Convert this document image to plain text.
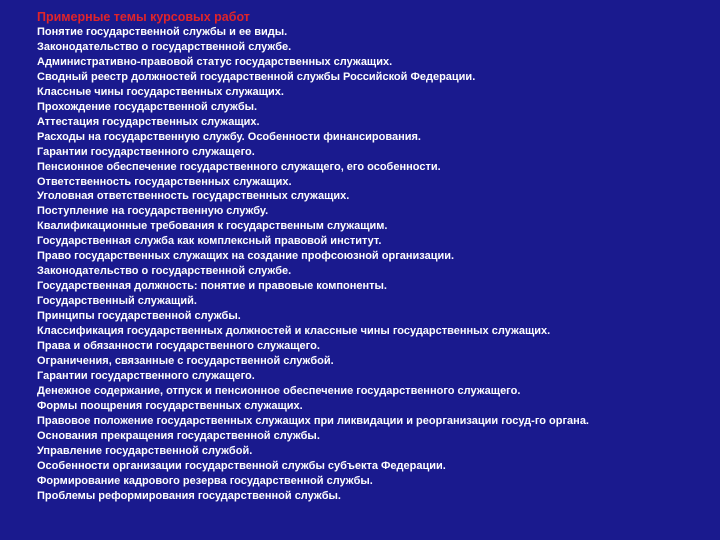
Примерные темы курсовых работ
Понятие государственной службы и ее виды.
Законодательство о государственной службе.
Административно-правовой статус государственных служащих.
Сводный реестр должностей государственной службы Российской Федерации.
Классные чины государственных служащих.
Прохождение государственной службы.
Аттестация государственных служащих.
Расходы на государственную службу. Особенности финансирования.
Гарантии государственного служащего.
Пенсионное обеспечение государственного служащего, его особенности.
Ответственность государственных служащих.
Уголовная ответственность государственных служащих.
Поступление на государственную службу.
Квалификационные требования к государственным служащим.
Государственная служба как комплексный правовой институт.
Право государственных служащих на создание профсоюзной организации.
Законодательство о государственной службе.
Государственная должность: понятие и правовые компоненты.
Государственный служащий.
Принципы государственной службы.
Классификация государственных должностей и классные чины государственных служащих.
Права и обязанности государственного служащего.
Ограничения, связанные с государственной службой.
Гарантии государственного служащего.
Денежное содержание, отпуск и пенсионное обеспечение государственного служащего.
Формы поощрения государственных служащих.
Правовое положение государственных служащих при ликвидации и реорганизации госуд-го органа.
Основания прекращения государственной службы.
Управление государственной службой.
Особенности организации государственной службы субъекта Федерации.
Формирование кадрового резерва государственной службы.
Проблемы реформирования государственной службы.
